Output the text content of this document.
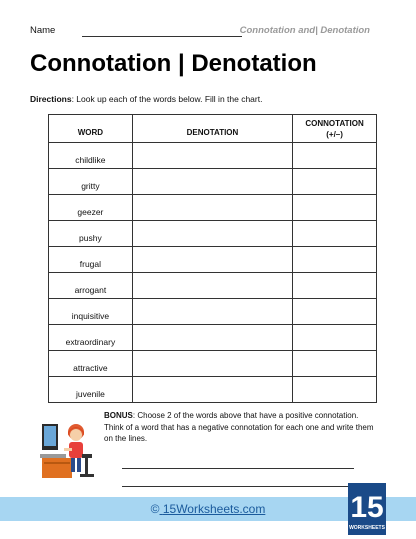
Name	Connotation and| Denotation
Connotation | Denotation
Directions: Look up each of the words below. Fill in the chart.
WORD	DENOTATION	CONNOTATION
(+/–)
childlike		
gritty		
geezer		
pushy		
frugal		
arrogant		
inquisitive		
extraordinary		
attractive		
juvenile		
BONUS: Choose 2 of the words above that have a positive connotation. Think of a word that has a negative connotation for each one and write them on the lines.
© 15Worksheets.com	15
WORKSHEETS
